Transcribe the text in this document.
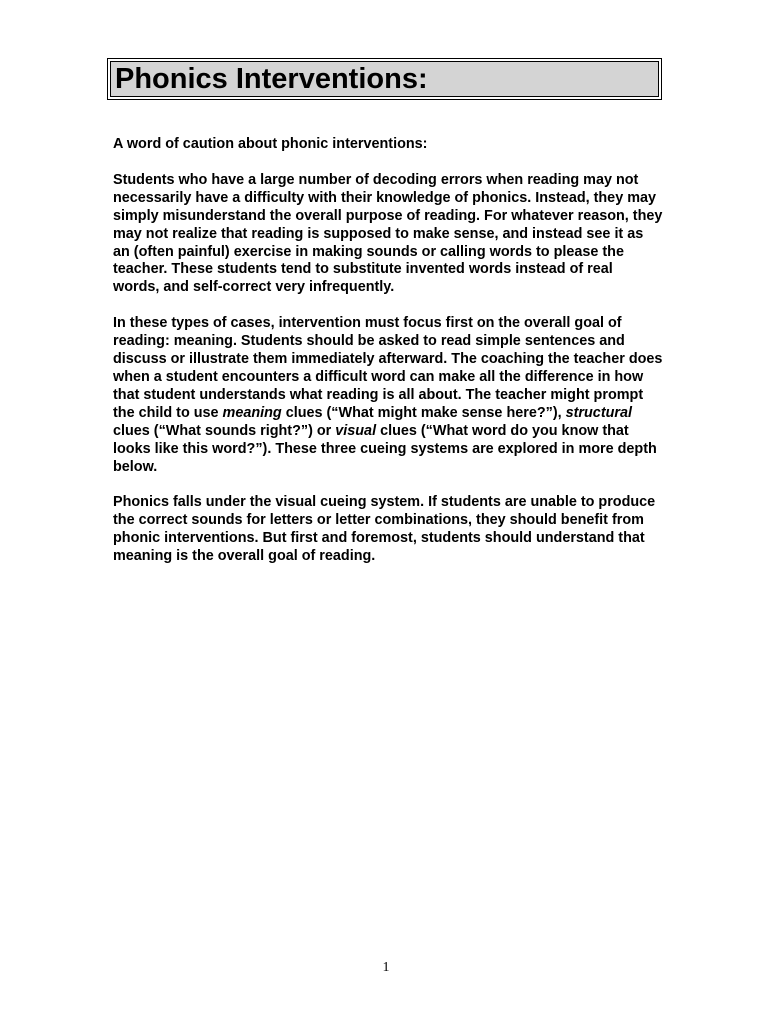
Phonics Interventions:

A word of caution about phonic interventions:

Students who have a large number of decoding errors when reading may not necessarily have a difficulty with their knowledge of phonics. Instead, they may simply misunderstand the overall purpose of reading. For whatever reason, they may not realize that reading is supposed to make sense, and instead see it as an (often painful) exercise in making sounds or calling words to please the teacher. These students tend to substitute invented words instead of real words, and self-correct very infrequently.

In these types of cases, intervention must focus first on the overall goal of reading: meaning. Students should be asked to read simple sentences and discuss or illustrate them immediately afterward. The coaching the teacher does when a student encounters a difficult word can make all the difference in how that student understands what reading is all about. The teacher might prompt the child to use meaning clues (“What might make sense here?”), structural clues (“What sounds right?”) or visual clues (“What word do you know that looks like this word?”). These three cueing systems are explored in more depth below.

Phonics falls under the visual cueing system. If students are unable to produce the correct sounds for letters or letter combinations, they should benefit from phonic interventions. But first and foremost, students should understand that meaning is the overall goal of reading.

1
